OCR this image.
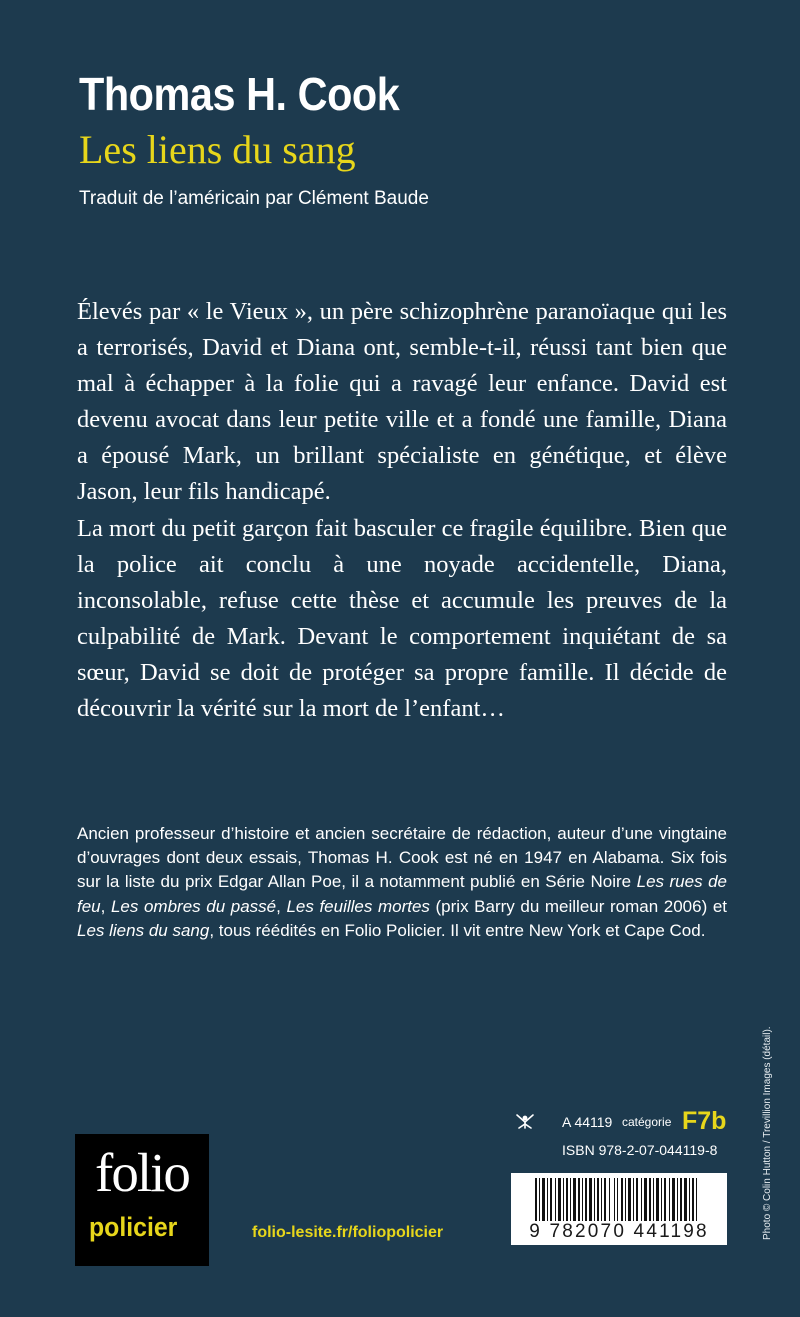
Thomas H. Cook
Les liens du sang
Traduit de l’américain par Clément Baude

Élevés par « le Vieux », un père schizophrène paranoïaque qui les a terrorisés, David et Diana ont, semble-t-il, réussi tant bien que mal à échapper à la folie qui a ravagé leur enfance. David est devenu avocat dans leur petite ville et a fondé une famille, Diana a épousé Mark, un brillant spécialiste en génétique, et élève Jason, leur fils handicapé.

La mort du petit garçon fait basculer ce fragile équilibre. Bien que la police ait conclu à une noyade accidentelle, Diana, inconsolable, refuse cette thèse et accumule les preuves de la culpabilité de Mark. Devant le comportement inquiétant de sa sœur, David se doit de protéger sa propre famille. Il décide de découvrir la vérité sur la mort de l’enfant…

Ancien professeur d’histoire et ancien secrétaire de rédaction, auteur d’une vingtaine d’ouvrages dont deux essais, Thomas H. Cook est né en 1947 en Alabama. Six fois sur la liste du prix Edgar Allan Poe, il a notamment publié en Série Noire Les rues de feu, Les ombres du passé, Les feuilles mortes (prix Barry du meilleur roman 2006) et Les liens du sang, tous réédités en Folio Policier. Il vit entre New York et Cape Cod.
Photo © Colin Hutton / Trevillion Images (détail).
A 44119 catégorie F7b
ISBN 978-2-07-044119-8
9 782070 441198
folio
policier	folio-lesite.fr/foliopolicier
